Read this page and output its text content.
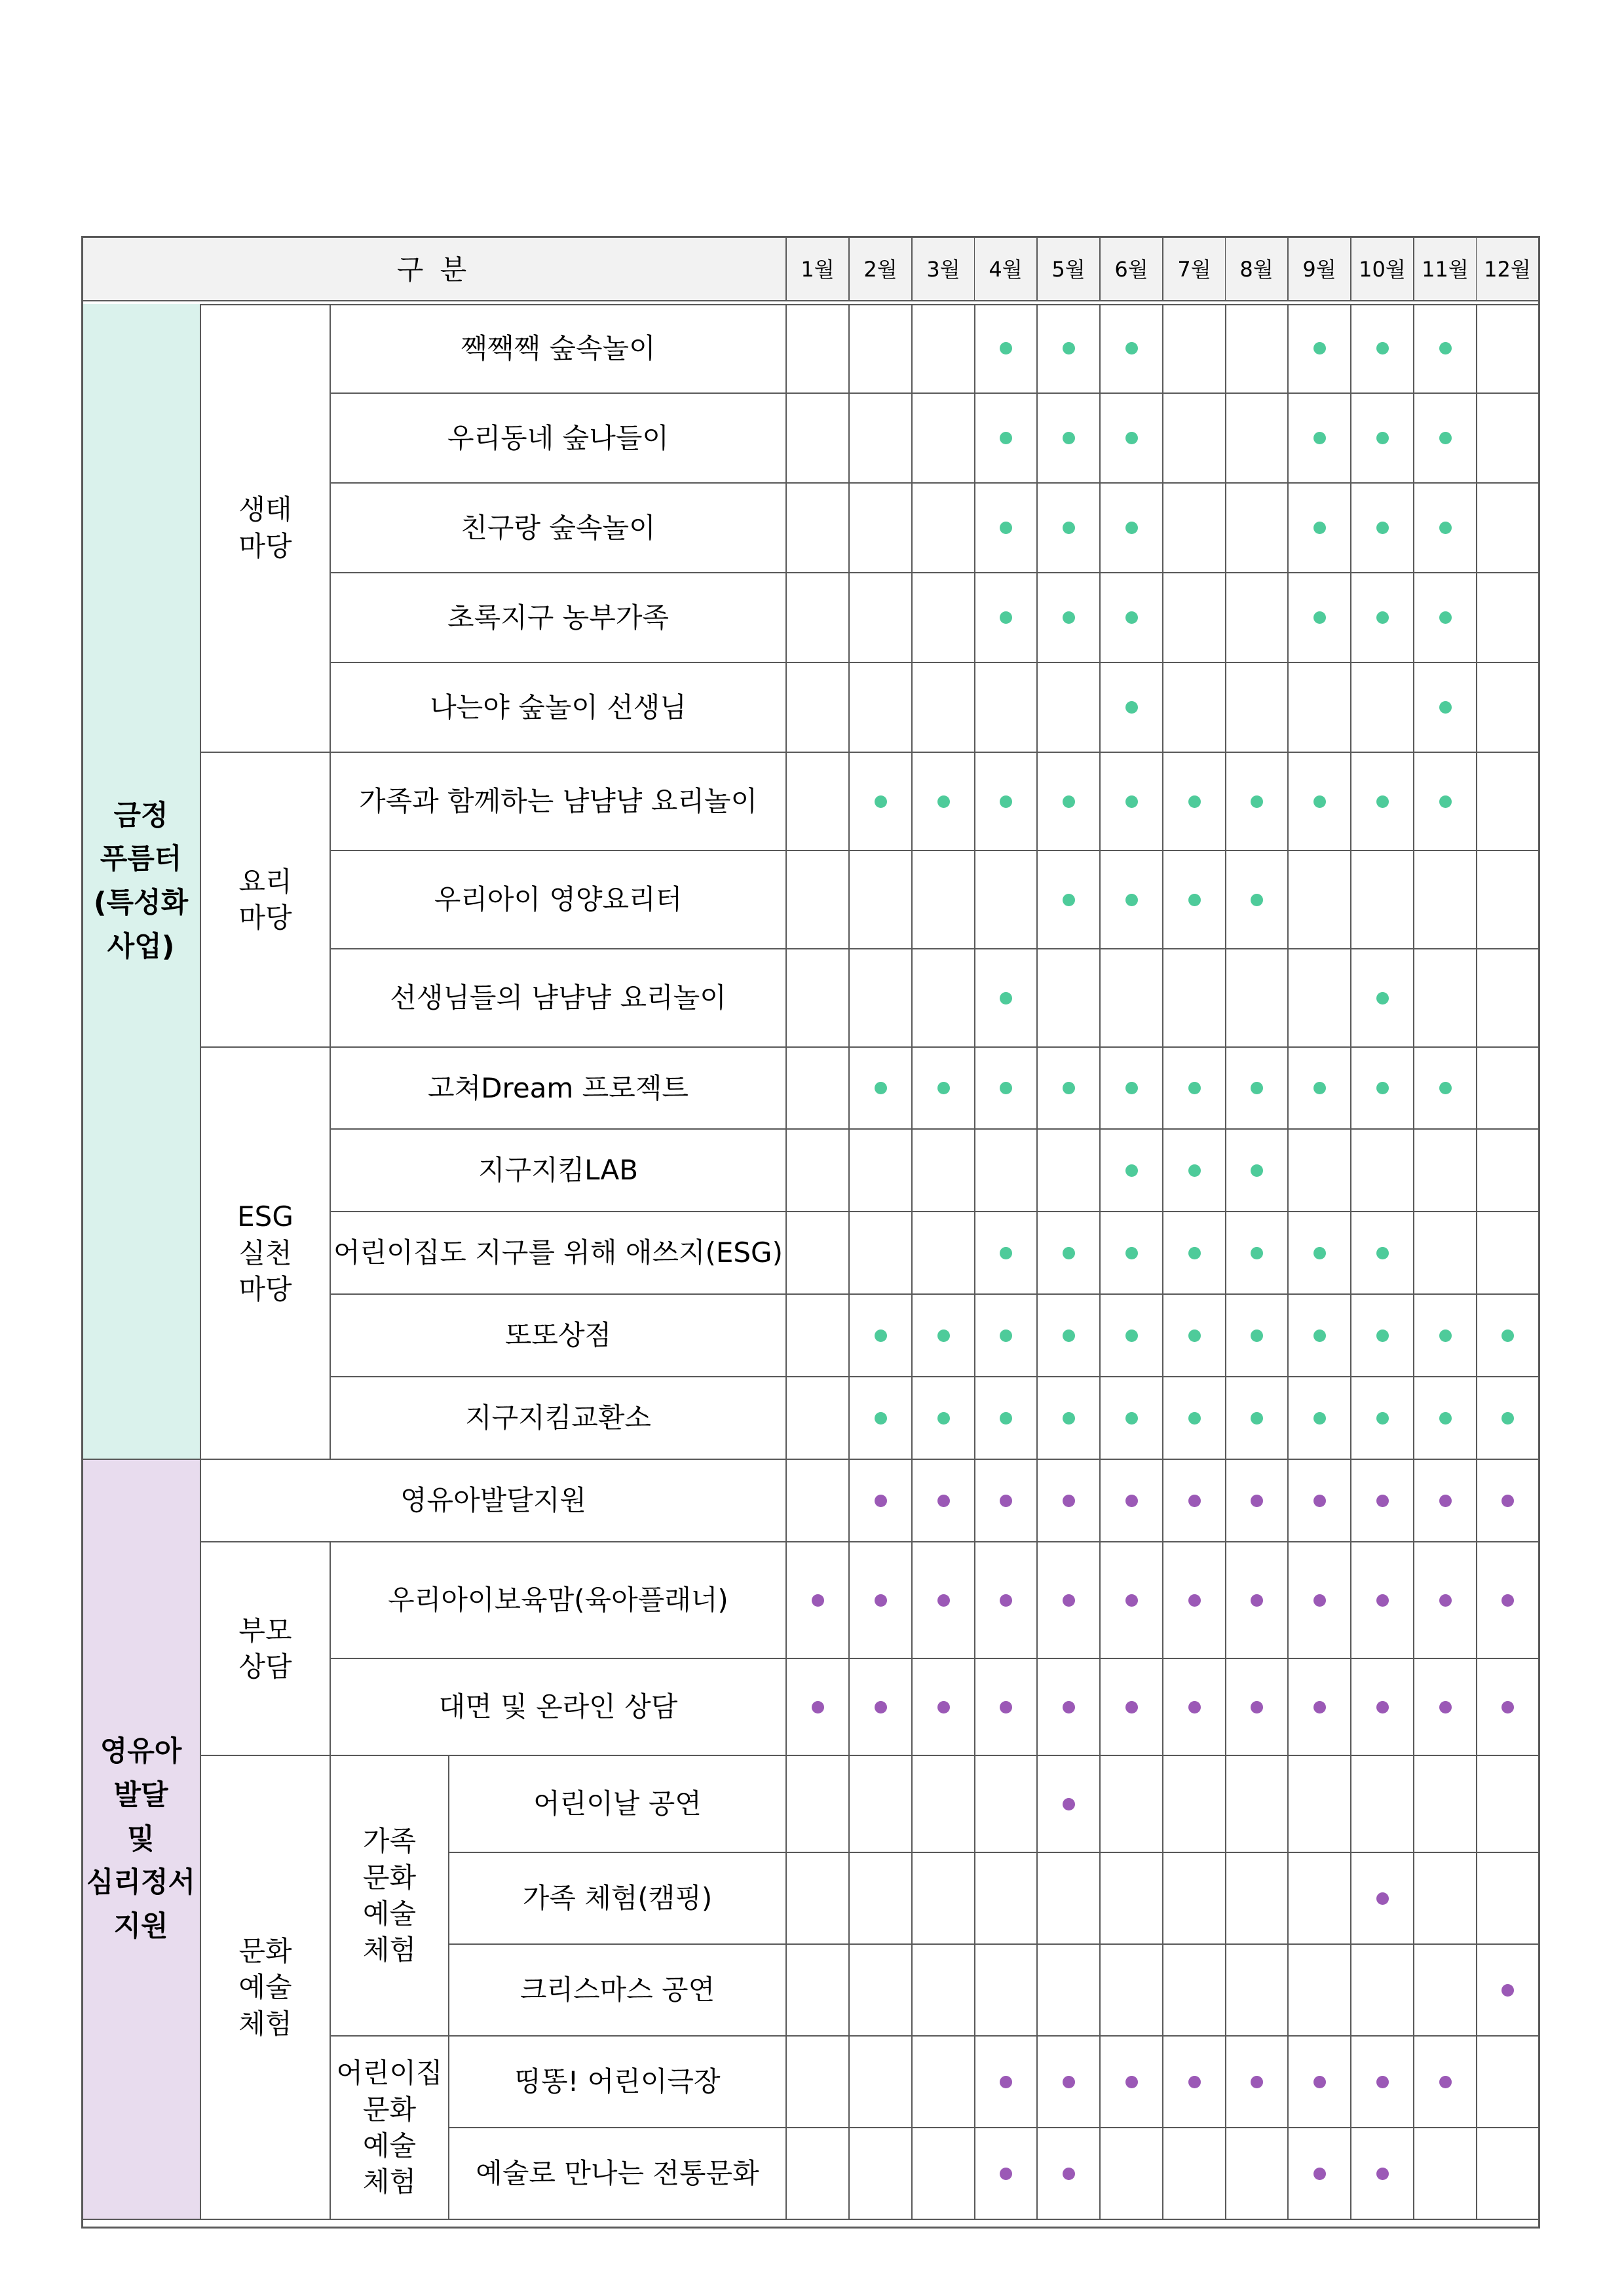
구 분	1월 2월 3월 4월 5월 6월 7월 8월 9월 10월 11월 12월
짹짹짹 숲속놀이
우리동네 숲나들이
친구랑 숲속놀이
초록지구 농부가족
나는야 숲놀이 선생님
생태
마당
가족과 함께하는 냠냠냠 요리놀이
우리아이 영양요리터
선생님들의 냠냠냠 요리놀이
요리
마당
고쳐Dream 프로젝트
지구지킴LAB
어린이집도 지구를 위해 애쓰지(ESG)
또또상점
지구지킴교환소
ESG
실천
마당
금정
푸름터
(특성화사업)
영유아발달지원
우리아이보육맘(육아플래너)
대면 및 온라인 상담
부모
상담
어린이날 공연
가족 체험(캠핑)
크리스마스 공연
가족
문화
예술
체험
띵똥! 어린이극장
예술로 만나는 전통문화
어린이집
문화
예술
체험
문화
예술
체험
영유아
발달
및
심리정서
지원
